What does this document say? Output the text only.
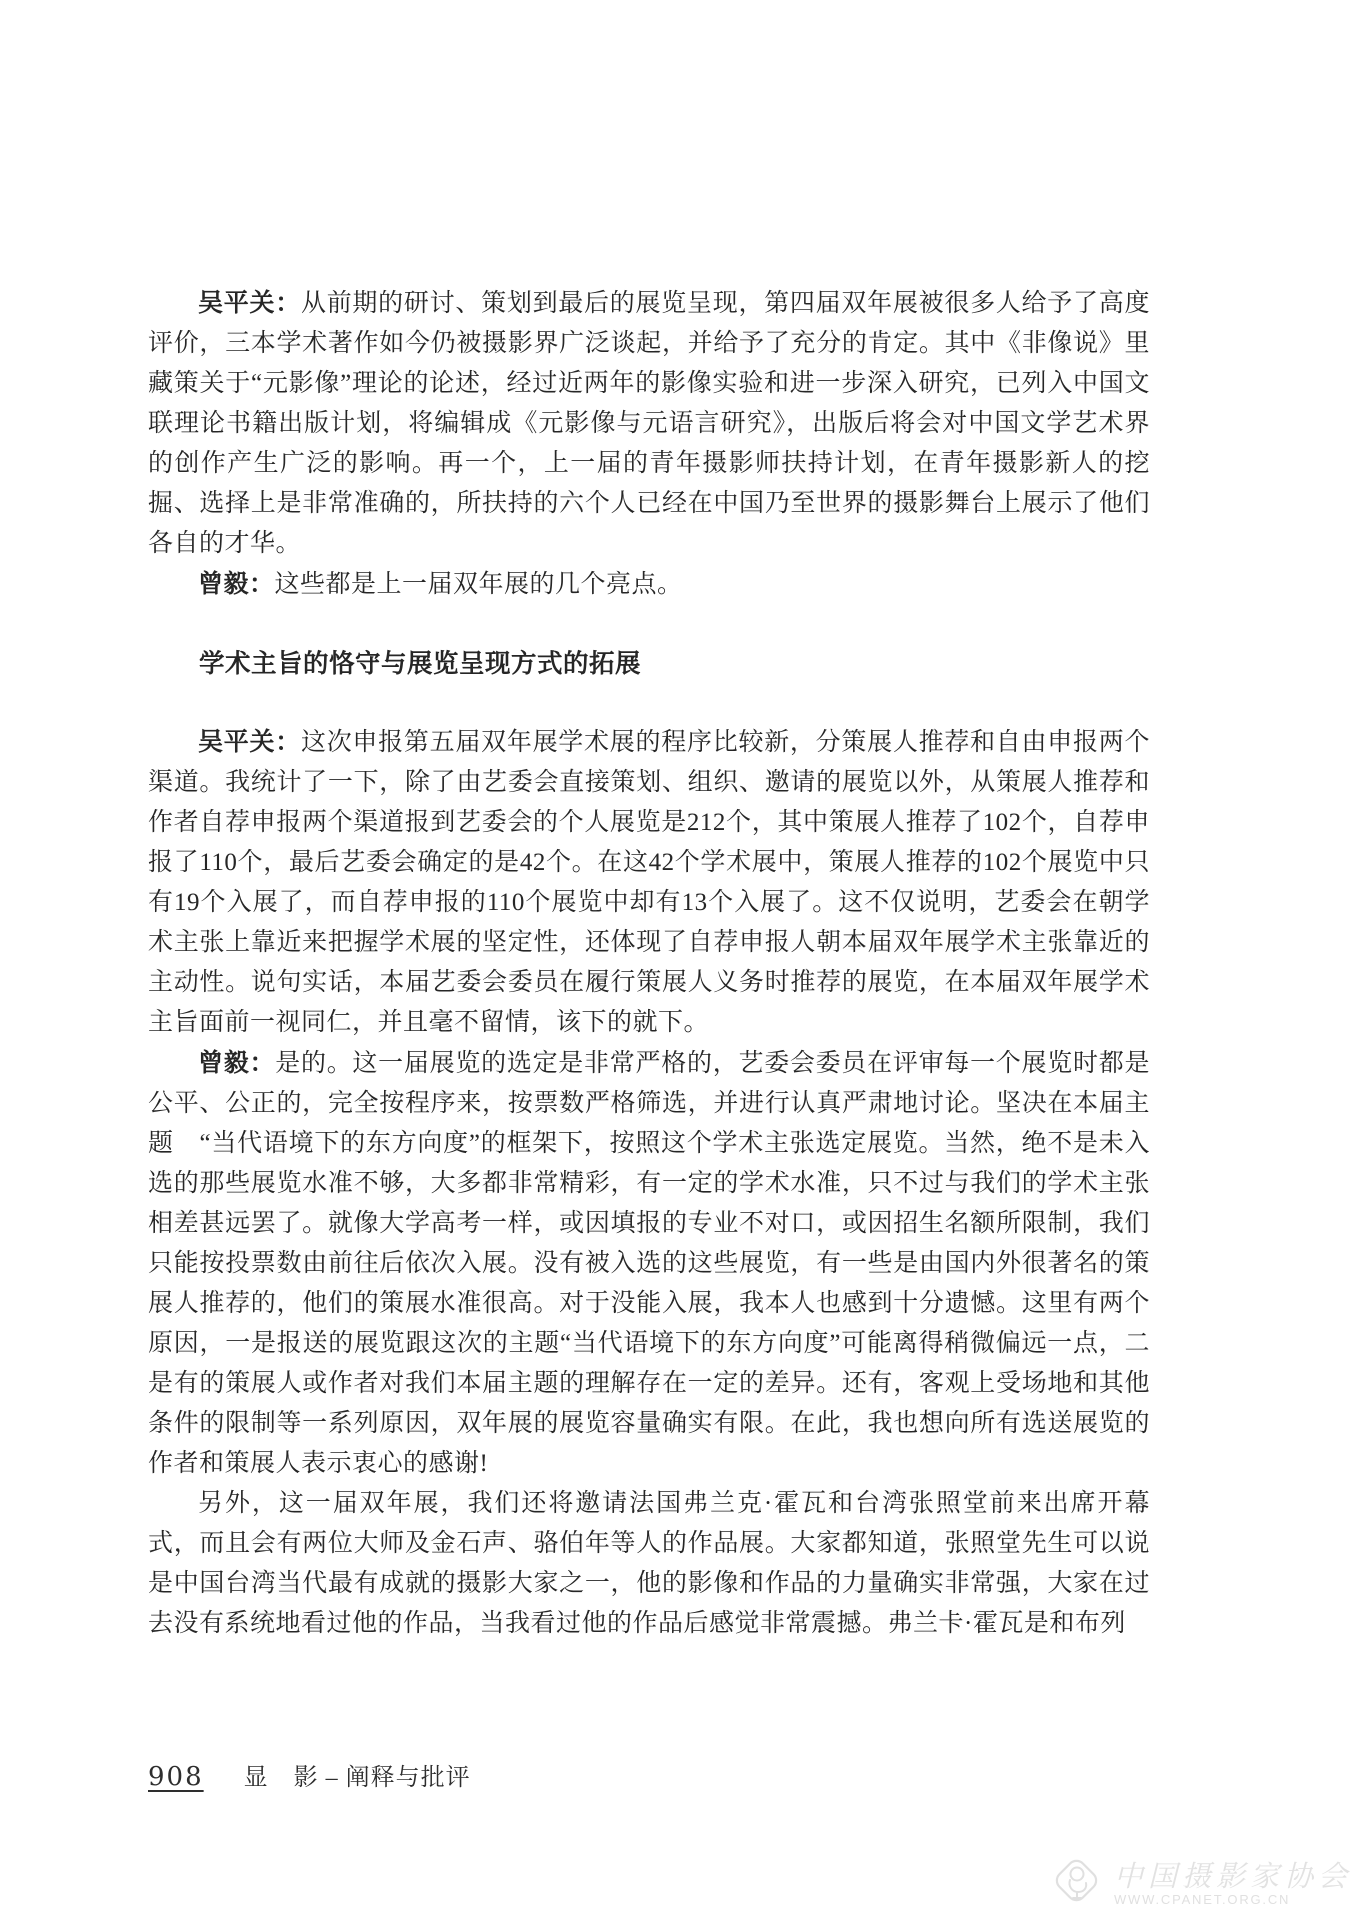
吴平关：从前期的研讨、策划到最后的展览呈现，第四届双年展被很多人给予了高度评价，三本学术著作如今仍被摄影界广泛谈起，并给予了充分的肯定。其中《非像说》里藏策关于“元影像”理论的论述，经过近两年的影像实验和进一步深入研究，已列入中国文联理论书籍出版计划，将编辑成《元影像与元语言研究》，出版后将会对中国文学艺术界的创作产生广泛的影响。再一个，上一届的青年摄影师扶持计划，在青年摄影新人的挖掘、选择上是非常准确的，所扶持的六个人已经在中国乃至世界的摄影舞台上展示了他们各自的才华。

曾毅：这些都是上一届双年展的几个亮点。

学术主旨的恪守与展览呈现方式的拓展

吴平关：这次申报第五届双年展学术展的程序比较新，分策展人推荐和自由申报两个渠道。我统计了一下，除了由艺委会直接策划、组织、邀请的展览以外，从策展人推荐和作者自荐申报两个渠道报到艺委会的个人展览是212个，其中策展人推荐了102个，自荐申报了110个，最后艺委会确定的是42个。在这42个学术展中，策展人推荐的102个展览中只有19个入展了，而自荐申报的110个展览中却有13个入展了。这不仅说明，艺委会在朝学术主张上靠近来把握学术展的坚定性，还体现了自荐申报人朝本届双年展学术主张靠近的主动性。说句实话，本届艺委会委员在履行策展人义务时推荐的展览，在本届双年展学术主旨面前一视同仁，并且毫不留情，该下的就下。

曾毅：是的。这一届展览的选定是非常严格的，艺委会委员在评审每一个展览时都是公平、公正的，完全按程序来，按票数严格筛选，并进行认真严肃地讨论。坚决在本届主题　“当代语境下的东方向度”的框架下，按照这个学术主张选定展览。当然，绝不是未入选的那些展览水准不够，大多都非常精彩，有一定的学术水准，只不过与我们的学术主张相差甚远罢了。就像大学高考一样，或因填报的专业不对口，或因招生名额所限制，我们只能按投票数由前往后依次入展。没有被入选的这些展览，有一些是由国内外很著名的策展人推荐的，他们的策展水准很高。对于没能入展，我本人也感到十分遗憾。这里有两个原因，一是报送的展览跟这次的主题“当代语境下的东方向度”可能离得稍微偏远一点，二是有的策展人或作者对我们本届主题的理解存在一定的差异。还有，客观上受场地和其他条件的限制等一系列原因，双年展的展览容量确实有限。在此，我也想向所有选送展览的作者和策展人表示衷心的感谢!

另外，这一届双年展，我们还将邀请法国弗兰克·霍瓦和台湾张照堂前来出席开幕式，而且会有两位大师及金石声、骆伯年等人的作品展。大家都知道，张照堂先生可以说是中国台湾当代最有成就的摄影大家之一，他的影像和作品的力量确实非常强，大家在过去没有系统地看过他的作品，当我看过他的作品后感觉非常震撼。弗兰卡·霍瓦是和布列

908 显　影 – 阐释与批评
中国摄影家协会
WWW.CPANET.ORG.CN
